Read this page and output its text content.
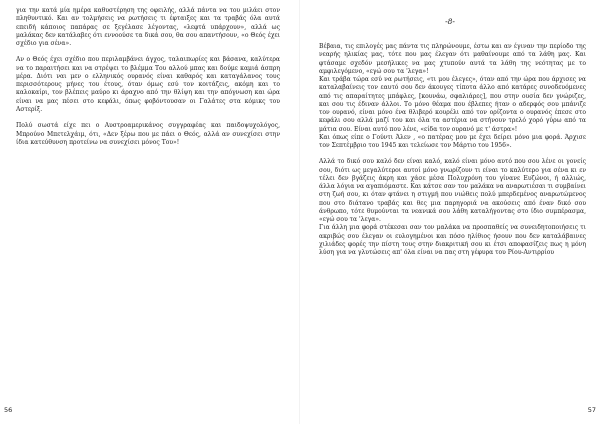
για την κατά μία ημέρα καθυστέρηση της οφειλής, αλλά πάντα να του μιλάει στον πληθυντικό. Και αν τολμήσεις να ρωτήσεις τι έφταιξες και τα τραβάς όλα αυτά επειδή κάποιος παπάρας σε ξεγέλασε λέγοντας, «λεφτά υπάρχουν», αλλά ως μαλάκας δεν κατάλαβες ότι εννοούσε τα δικά σου, θα σου απαντήσουν, «ο Θεός έχει σχέδιο για σένα».

Αν ο Θεός έχει σχέδιο που περιλαμβάνει άγχος, ταλαιπωρίες και βάσανα, καλύτερα να το παραιτήσει και να στρέψει το βλέμμα Του αλλού μπας και δούμε καμιά άσπρη μέρα. Διότι ναι μεν ο ελληνικός ουρανός είναι καθαρός και καταγάλανος τους περισσότερους μήνες του έτους, όταν όμως εσύ τον κοιτάζεις, ακόμη και το καλοκαίρι, τον βλέπεις μαύρο κι άραχνο από την θλίψη και την απόγνωση και ώρα είναι να μας πέσει στο κεφάλι, όπως φοβόντουσαν οι Γαλάτες στα κόμικς του Αστερίξ.

Πολύ σωστά είχε πει ο Αυστροαμερικάνος συγγραφέας και παιδοψυχολόγος, Μπρούνο Μπετελχάιμ, ότι, «Δεν ξέρω που με πάει ο Θεός, αλλά αν συνεχίσει στην ίδια κατεύθυνση προτείνω να συνεχίσει μόνος Του»!

56
-8-

Βέβαια, τις επιλογές μας πάντα τις πληρώνουμε, έστω και αν έγιναν την περίοδο της νεαρής ηλικίας μας, τότε που μας έλεγαν ότι μαθαίνουμε από τα λάθη μας. Και φτάσαμε σχεδόν μεσήλικες να μας χτυπούν αυτά τα λάθη της νεότητας με το αμφιλεγόμενο, «εγώ σου τα 'λεγα»!
Και τράβα τώρα εσύ να ρωτήσεις, «τι μου έλεγες», όταν από την ώρα που άρχισες να καταλαβαίνεις τον εαυτό σου δεν άκουγες τίποτα άλλο από κατάρες συνοδευόμενες από τις απαραίτητες μπάφλες, [κουνάω, σφαλιάρες], που στην ουσία δεν γνώριζες, και σου τις έδιναν άλλοι. Το μόνο θέαμα που έβλεπες ήταν ο αδερφός σου μπάνιζε τον ουρανό, είναι μόνο ένα θλιβερό κουρέλι από τον ορίζοντα ο ουρανός έπεσε στο κεφάλι σου αλλά μαζί του και όλα τα αστέρια να στήνουν τρελό χορό γύρω από τα μάτια σου. Είναι αυτό που λένε, «είδα τον ουρανό με τ' άστρα»!
Και όπως είπε ο Γούντι Άλεν , «ο πατέρας μου με έχει δείρει μόνο μια φορά. Άρχισε τον Σεπτέμβριο του 1945 και τελείωσε τον Μάρτιο του 1956».

Αλλά το δικό σου καλό δεν είναι καλό, καλό είναι μόνο αυτό που σου λένε οι γονείς σου, διότι ως μεγαλύτεροι αυτοί μόνο γνωρίζουν τι είναι το καλύτερο για σένα κι εν τέλει δεν βγάζεις άκρη και χάσε μέσα Πολυχρόνη του γίνανε Ευζώνοι, ή αλλιώς, άλλα λόγια να αγαπιόμαστε. Και κάτσε σαν τον μαλάκα να αναρωτιέσαι τι συμβαίνει στη ζωή σου, κι όταν φτάνει η στιγμή που νιώθεις πολύ μπερδεμένος αναρωτώμενος που στο διάτανο τραβάς και θες μια παρηγοριά να ακούσεις από έναν δικό σου άνθρωπο, τότε θυμούνται τα νεανικά σου λάθη καταλήγοντας στο ίδιο συμπέρασμα, «εγώ σου τα 'λεγα».
Για άλλη μια φορά στέκεσαι σαν τον μαλάκα να προσπαθείς να συνειδητοποιήσεις τι ακριβώς σου έλεγαν οι ευλογημένοι και πόσο ηλίθιος ήσουν που δεν καταλάβαινες χιλιάδες φορές την πίστη τους στην διακριτική σου κι έτσι αποφασίζεις πως η μόνη λύση για να γλυτώσεις απ' όλα είναι να πας στη γέφυρα του Ρίου-Αντιρρίου

57
